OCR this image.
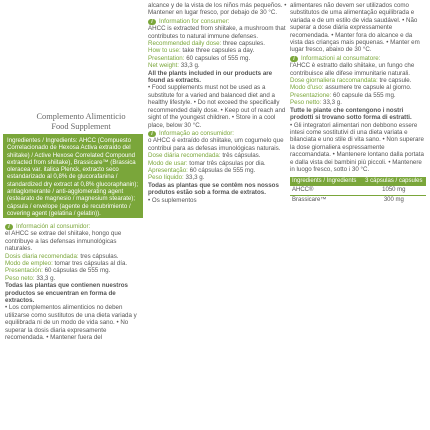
Complemento Alimenticio
Food Supplement

Ingredientes / Ingredients: AHCC (Compuesto Correlacionado de Hexosa Activa extraído del shiitake) / Active Hexose Correlated Compound extracted from shiitake), Brassicare™ (Brassica oleracea var. italica Plenck, extracto seco estandarizado al 0,8% de glucorafanina / standardized dry extract at 0,8% glucoraphanin); antiaglomerante / anti-agglomerating agent (estearato de magnesio / magnesium stearate); cápsula / envelope (agente de recubrimiento / covering agent (gelatina / gelatin)).

i	Información al consumidor:

el AHCC se extrae del shiitake, hongo que contribuye a las defensas inmunológicas naturales.

Dosis diaria recomendada: tres cápsulas.

Modo de empleo: tomar tres cápsulas al día.

Presentación: 60 cápsulas de 555 mg.

Peso neto: 33,3 g.

Todas las plantas que contienen nuestros productos se encuentran en forma de extractos.

• Los complementos alimenticios no deben utilizarse como sustitutos de una dieta variada y equilibrada ni de un modo de vida sano. • No superar la dosis diaria expresamente recomendada. • Mantener fuera del

alcance y de la vista de los niños más pequeños. • Mantener en lugar fresco, por debajo de 30 °C.

i	Information for consumer:

AHCC is extracted from shiitake, a mushroom that contributes to natural immune defenses.

Recommended daily dose: three capsules.

How to use: take three capsules a day.

Presentation: 60 capsules of 555 mg.

Net weight: 33,3 g.

All the plants included in our products are found as extracts.

• Food supplements must not be used as a substitute for a varied and balanced diet and a healthy lifestyle. • Do not exceed the specifically recommended daily dose. • Keep out of reach and sight of the youngest children. • Store in a cool place, below 30 °C.

i	Informação ao consumidor:

o AHCC é extraído do shiitake, um cogumelo que contribui para as defesas imunológicas naturais.

Dose diária recomendada: três cápsulas.

Modo de usar: tomar três cápsulas por dia.

Apresentação: 60 cápsulas de 555 mg.

Peso líquido: 33,3 g.

Todas as plantas que se contêm nos nossos produtos estão sob a forma de extratos.

• Os suplementos

alimentares não devem ser utilizados como substitutos de uma alimentação equilibrada e variada e de um estilo de vida saudável. • Não superar a dose diária expressamente recomendada. • Manter fora do alcance e da vista das crianças mais pequenas. • Manter em lugar fresco, abaixo de 30 °C.

i	Informazioni al consumatore:

l'AHCC è estratto dallo shiitake, un fungo che contribuisce alle difese immunitarie naturali.

Dose giornaliera raccomandata: tre capsule.

Modo d'uso: assumere tre capsule al giorno.

Presentazione: 60 capsule da 555 mg.

Peso netto: 33,3 g.

Tutte le piante che contengono i nostri prodotti si trovano sotto forma di estratti.

• Gli integratori alimentari non debbono essere intesi come sostitutivi di una dieta variata e bilanciata e uno stile di vita sano. • Non superare la dose giornaliera espressamente raccomandata. • Mantenere lontano dalla portata e dalla vista dei bambini più piccoli. • Mantenere in luogo fresco, sotto i 30 °C.

Ingredients / Ingredients	3 cápsulas / capsules
AHCC®	1050 mg
Brassicare™	300 mg
